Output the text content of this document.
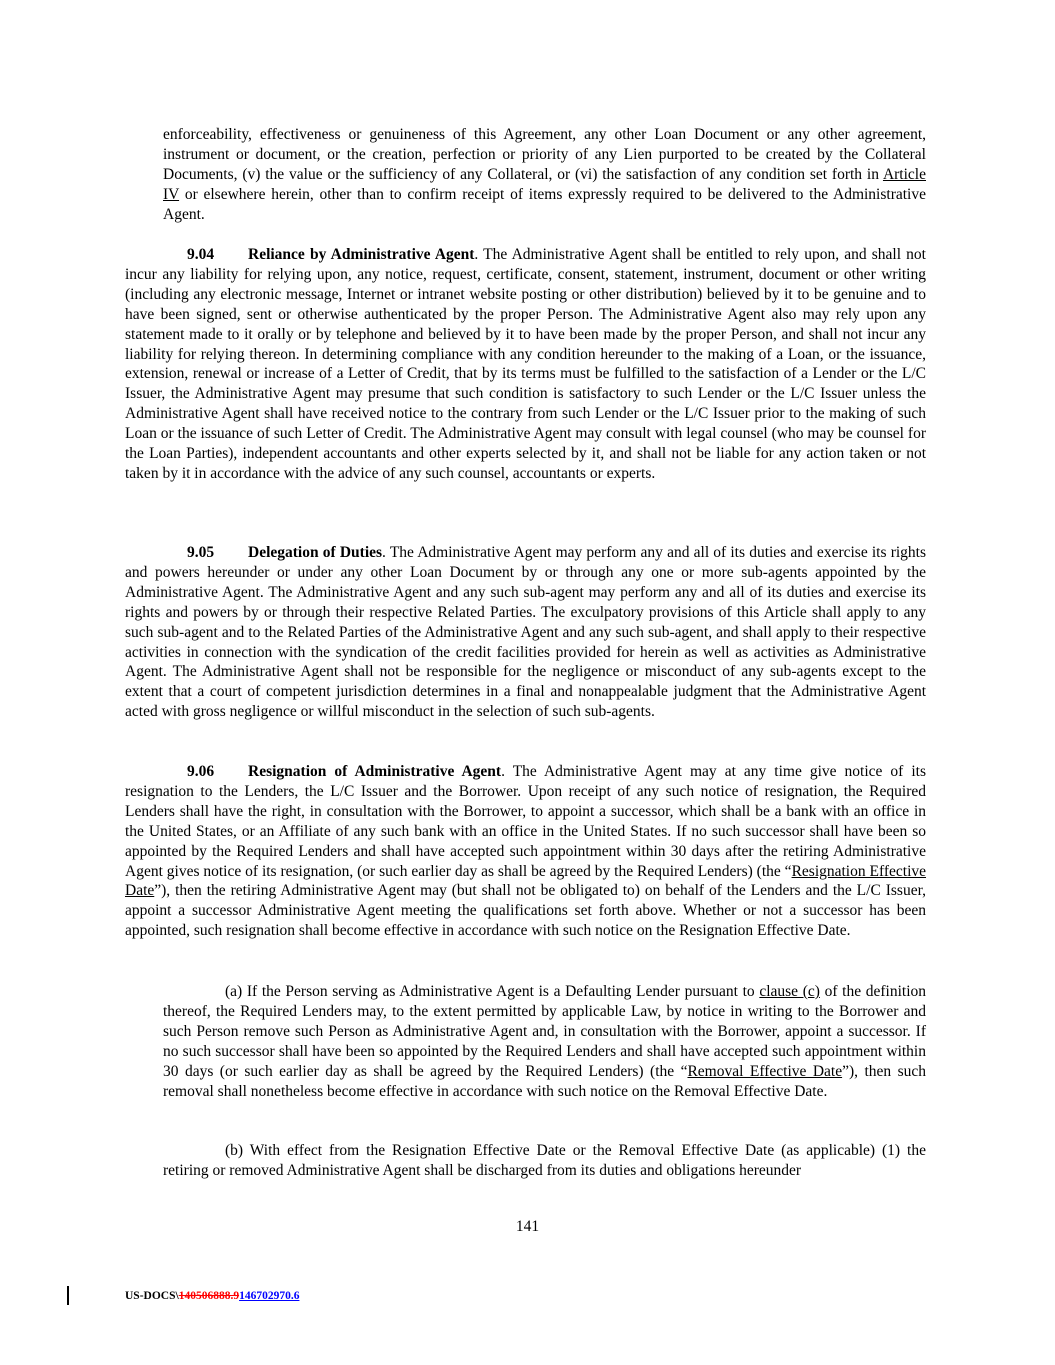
enforceability, effectiveness or genuineness of this Agreement, any other Loan Document or any other agreement, instrument or document, or the creation, perfection or priority of any Lien purported to be created by the Collateral Documents, (v) the value or the sufficiency of any Collateral, or (vi) the satisfaction of any condition set forth in Article IV or elsewhere herein, other than to confirm receipt of items expressly required to be delivered to the Administrative Agent.

9.04 Reliance by Administrative Agent. The Administrative Agent shall be entitled to rely upon, and shall not incur any liability for relying upon, any notice, request, certificate, consent, statement, instrument, document or other writing (including any electronic message, Internet or intranet website posting or other distribution) believed by it to be genuine and to have been signed, sent or otherwise authenticated by the proper Person. The Administrative Agent also may rely upon any statement made to it orally or by telephone and believed by it to have been made by the proper Person, and shall not incur any liability for relying thereon. In determining compliance with any condition hereunder to the making of a Loan, or the issuance, extension, renewal or increase of a Letter of Credit, that by its terms must be fulfilled to the satisfaction of a Lender or the L/C Issuer, the Administrative Agent may presume that such condition is satisfactory to such Lender or the L/C Issuer unless the Administrative Agent shall have received notice to the contrary from such Lender or the L/C Issuer prior to the making of such Loan or the issuance of such Letter of Credit. The Administrative Agent may consult with legal counsel (who may be counsel for the Loan Parties), independent accountants and other experts selected by it, and shall not be liable for any action taken or not taken by it in accordance with the advice of any such counsel, accountants or experts.

9.05 Delegation of Duties. The Administrative Agent may perform any and all of its duties and exercise its rights and powers hereunder or under any other Loan Document by or through any one or more sub-agents appointed by the Administrative Agent. The Administrative Agent and any such sub-agent may perform any and all of its duties and exercise its rights and powers by or through their respective Related Parties. The exculpatory provisions of this Article shall apply to any such sub-agent and to the Related Parties of the Administrative Agent and any such sub-agent, and shall apply to their respective activities in connection with the syndication of the credit facilities provided for herein as well as activities as Administrative Agent. The Administrative Agent shall not be responsible for the negligence or misconduct of any sub-agents except to the extent that a court of competent jurisdiction determines in a final and nonappealable judgment that the Administrative Agent acted with gross negligence or willful misconduct in the selection of such sub-agents.

9.06 Resignation of Administrative Agent. The Administrative Agent may at any time give notice of its resignation to the Lenders, the L/C Issuer and the Borrower. Upon receipt of any such notice of resignation, the Required Lenders shall have the right, in consultation with the Borrower, to appoint a successor, which shall be a bank with an office in the United States, or an Affiliate of any such bank with an office in the United States. If no such successor shall have been so appointed by the Required Lenders and shall have accepted such appointment within 30 days after the retiring Administrative Agent gives notice of its resignation, (or such earlier day as shall be agreed by the Required Lenders) (the “Resignation Effective Date”), then the retiring Administrative Agent may (but shall not be obligated to) on behalf of the Lenders and the L/C Issuer, appoint a successor Administrative Agent meeting the qualifications set forth above. Whether or not a successor has been appointed, such resignation shall become effective in accordance with such notice on the Resignation Effective Date.

(a) If the Person serving as Administrative Agent is a Defaulting Lender pursuant to clause (c) of the definition thereof, the Required Lenders may, to the extent permitted by applicable Law, by notice in writing to the Borrower and such Person remove such Person as Administrative Agent and, in consultation with the Borrower, appoint a successor. If no such successor shall have been so appointed by the Required Lenders and shall have accepted such appointment within 30 days (or such earlier day as shall be agreed by the Required Lenders) (the “Removal Effective Date”), then such removal shall nonetheless become effective in accordance with such notice on the Removal Effective Date.

(b) With effect from the Resignation Effective Date or the Removal Effective Date (as applicable) (1) the retiring or removed Administrative Agent shall be discharged from its duties and obligations hereunder

141
US-DOCS\140506888.9146702970.6
